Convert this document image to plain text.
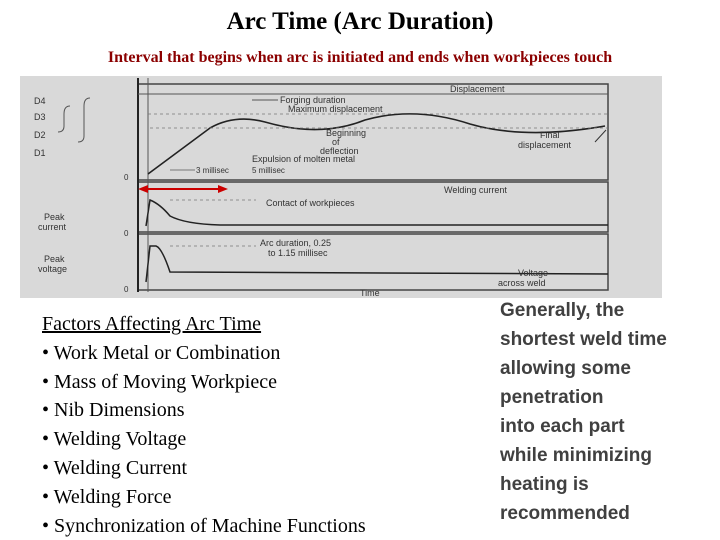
Arc Time (Arc Duration)
Interval that begins when arc is initiated and ends when workpieces touch
Displacement
Forging duration
Maximum displacement
Beginning
of
deflection
Final
displacement
Expulsion of molten metal
3 millisec	5 millisec
D4
D3
D2
D1
0
Welding current
Peak
current
Contact of workpieces
0
Arc duration, 0.25
to 1.15 millisec
Peak
voltage	Voltage
across weld
0	Time
Factors Affecting Arc Time
• Work Metal or Combination
• Mass of Moving Workpiece
• Nib Dimensions
• Welding Voltage
• Welding Current
• Welding Force
• Synchronization of Machine Functions
Generally, the
shortest weld time
allowing some
penetration
into each part
while minimizing
heating is
recommended
